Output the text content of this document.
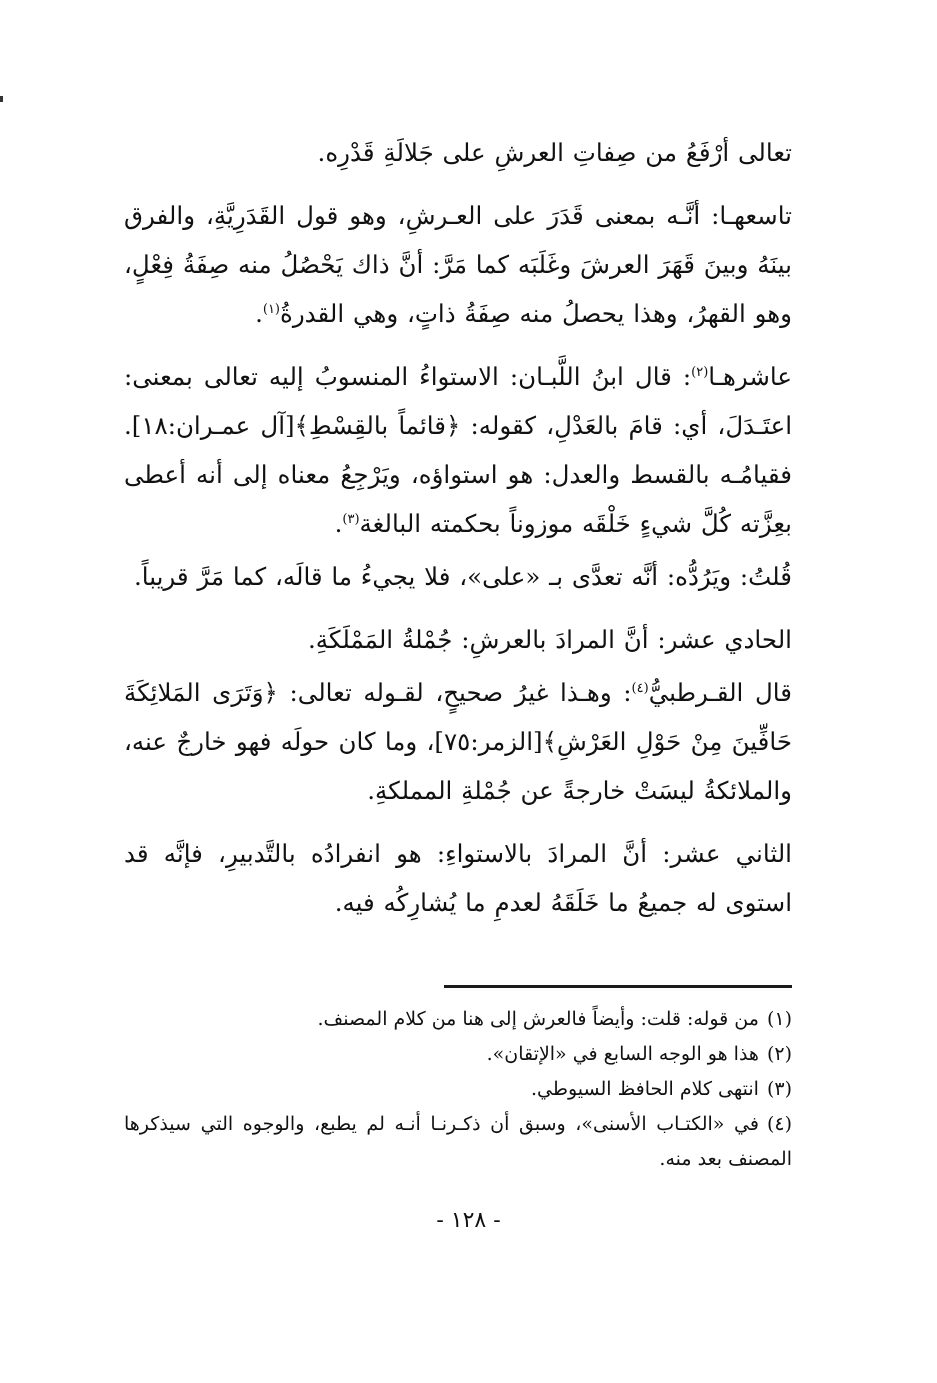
تعالى أرْفَعُ من صِفاتِ العرشِ على جَلالَةِ قَدْرِه.

تاسعهـا: أنَّـه بمعنى قَدَرَ على العـرشِ، وهو قول القَدَرِيَّةِ، والفرق بينَهُ وبينَ قَهَرَ العرشَ وغَلَبَه كما مَرَّ: أنَّ ذاك يَحْصُلُ منه صِفَةُ فِعْلٍ، وهو القهرُ، وهذا يحصلُ منه صِفَةُ ذاتٍ، وهي القدرةُ$^{(١)}$.

عاشرهـا$^{(٢)}$: قال ابنُ اللَّبـان: الاستواءُ المنسوبُ إليه تعالى بمعنى: اعتَـدَلَ، أي: قامَ بالعَدْلِ، كقوله: ﴿قائماً بالقِسْطِ﴾[آل عمـران:١٨]. فقيامُـه بالقسط والعدل: هو استواؤه، ويَرْجِعُ معناه إلى أنه أعطى بعِزَّته كُلَّ شيءٍ خَلْقَه موزوناً بحكمته البالغة$^{(٣)}$.

قُلتُ: ويَرُدُّه: أنَّه تعدَّى بـ «على»، فلا يجيءُ ما قالَه، كما مَرَّ قريباً.

الحادي عشر: أنَّ المرادَ بالعرشِ: جُمْلةُ المَمْلَكَةِ.

قال القـرطبيُّ$^{(٤)}$: وهـذا غيرُ صحيحٍ، لقـوله تعالى: ﴿وَتَرَى المَلائِكَةَ حَافِّينَ مِنْ حَوْلِ العَرْشِ﴾[الزمر:٧٥]، وما كان حولَه فهو خارجٌ عنه، والملائكةُ ليسَتْ خارجةً عن جُمْلةِ المملكةِ.

الثاني عشر: أنَّ المرادَ بالاستواءِ: هو انفرادُه بالتَّدبيرِ، فإنَّه قد استوى له جميعُ ما خَلَقَهُ لعدمِ ما يُشارِكُه فيه.

(١)من قوله: قلت: وأيضاً فالعرش إلى هنا من كلام المصنف.

(٢)هذا هو الوجه السابع في «الإتقان».

(٣)انتهى كلام الحافظ السيوطي.

(٤)في «الكتـاب الأسنى»، وسبق أن ذكـرنـا أنـه لم يطبع، والوجوه التي سيذكرها المصنف بعد منه.

- ١٢٨ -
